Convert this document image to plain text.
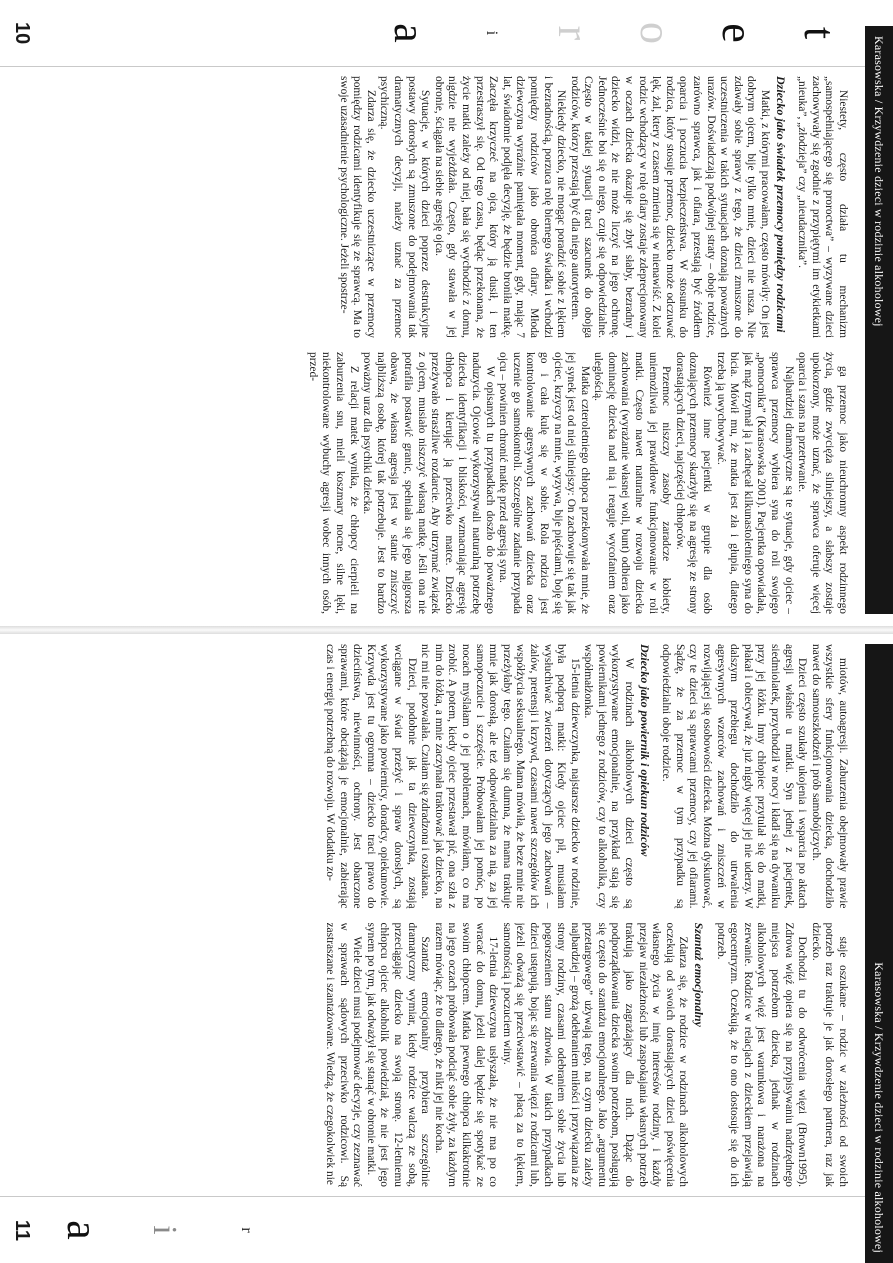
Karasowska / Krzywdzenie dzieci w rodzinie alkoholowej
t
e
o
r
i
a
10

Niestety, często działa tu mechanizm „samospełniającego się proroctwa” – wyzywane dzieci zachowywały się zgodnie z przypiętymi im etykietkami „nieuka”, „złodzieja” czy „nieudacznika”.

Dziecko jako świadek przemocy pomiędzy rodzicami

Matki, z którymi pracowałam, często mówiły: On jest dobrym ojcem, bije tylko mnie, dzieci nie rusza. Nie zdawały sobie sprawy z tego, że dzieci zmuszone do uczestniczenia w takich sytuacjach doznają poważnych urazów. Doświadczają podwójnej straty – oboje rodzice, zarówno sprawca, jak i ofiara, przestają być źródłem oparcia i poczucia bezpieczeństwa. W stosunku do rodzica, który stosuje przemoc, dziecko może odczuwać lęk, żal, ktery z czasem zmienia się w nienawiść. Z kolei rodzic wchodzący w rolę ofiary zostaje zdeprecjonowany w oczach dziecka okazuje się zbyt słaby, bezradny i dziecko widzi, że nie może liczyć na jego ochronę. Jednocześnie boi się o niego, czuje się odpowiedzialne. Często w takiej sytuacji traci szacunek do obojga rodziców, którzy przestają być dla niego autorytetem.

Niekiedy dziecko, nie mogąc poradzić sobie z lękiem i bezradnością, porzuca rolę biernego świadka i wchodzi pomiędzy rodziców jako obrońca ofiary. Młoda dziewczyna wyraźnie pamiętała moment, gdy, mając 7 lat, świadomie podjęła decyzję, że będzie broniła matkę. Zaczęła krzyczeć na ojca, który ją dusił, i ten przestraszył się. Od tego czasu, będąc przekonana, że życie matki zależy od niej, bała się wychodzić z domu, nigdzie nie wyjeżdżała. Często, gdy stawała w jej obronie, ściągała na siebie agresję ojca.

Sytuacje, w których dzieci poprzez destrukcyjne postawy dorosłych są zmuszone do podejmowania tak dramatycznych decyzji, należy uznać za przemoc psychiczną.

Zdarza się, że dziecko uczestniczące w przemocy pomiędzy rodzicami identyfikuje się ze sprawcą. Ma to swoje uzasadnienie psychologiczne. Jeżeli spostrze-

ga przemoc jako nieuchronny aspekt rodzinnego życia, gdzie zwycięża silniejszy, a słabszy zostaje upokorzony, może uznać, że sprawca oferuje więcej oparcia i szans na przetrwanie.

Najbardziej dramatyczne są te sytuacje, gdy ojciec – sprawca przemocy wybiera syna do roli swojego „pomocnika” (Karasowska 2001). Pacjentka opowiadała, jak mąż trzymał ją i zachęcał kilkunastoletniego syna do bicia. Mówił mu, że matka jest zła i głupia, dlatego trzeba ją uwychowywać.

Również inne pacjentki w grupie dla osób doznających przemocy skarżyły się na agresję ze strony dorastających dzieci, najczęściej chłopców.

Przemoc niszczy zasoby zaradcze kobiety, uniemożliwia jej prawidłowe funkcjonowanie w roli matki. Często nawet naturalne w rozwoju dziecka zachowania (wyrażanie własnej woli, bunt) odbiera jako dominację dziecka nad nią i reaguje wycofaniem oraz uległością.

Matka czteroletniego chłopca przekonywała mnie, że jej synek jest od niej silniejszy: On zachowuje się tak jak ojciec, krzyczy na mnie, wyzywa, bije pięściami, boję się go i cała kulę się w sobie. Rola rodzica jest kontrolowanie agresywnych zachowań dziecka oraz uczenie go samokontroli. Szczególne zadanie przypada ojcu – powinien chronić matkę przed agresją syna.

W opisanych tu przypadkach doszło do poważnego naduzycia. Ojcowie wykorzystywali naturalną potrzebę dziecka identyfikacji i bliskości, wzmacniając agresję chłopca i kierując ją przeciwko matce. Dziecko przeżywało strasżliwe rozdarcie. Aby utrzymać związek z ojcem, musiało niszczyć własną matkę. Jeśli ona nie potrafiła postawić granic, spełniała się jego najgorsza obawa, że własna agresja jest w stanie zniszczyć najbliższą osobę, której tak potrzebuje. Jest to bardzo poważny uraz dla psychiki dziecka.

Z relacji matek wynika, że chłopcy cierpieli na zaburzenia snu, mieli koszmary nocne, silne lęki, niekontrolowane wybuchy agresji wobec innych osób, przed-

Karasowska / Krzywdzenie dzieci w rodzinie alkoholowej

miotów, autoagresji. Zaburzenia obejmowały prawie wszystkie sfery funkcjonowania dziecka, dochodziło nawet do samouszkodzeń i prób samobójczych.

Dzieci często szukały ukojenia i wsparcia po aktach agresji właśnie u matki. Syn jednej z pacjentek, siedmiolatek, przychodził w nocy i kładł się na dywaniku przy jej łóżku. Inny chłopiec przytulał się do matki, płakał i obiecywał, że już nigdy więcej jej nie uderzy. W dalszym przebiegu dochodziło do utrwalenia agresywnych wzorców zachowań i zniszczeń w rozwijającej się osobowości dziecka. Można dyskutować, czy te dzieci są sprawcami przemocy, czy jej ofiarami. Sądzę, że za przemoc w tym przypadku są odpowiedzialni oboje rodzice.

Dziecko jako powiernik i opiekun rodziców

W rodzinach alkoholowych dzieci często są wykorzystywane emocjonalnie, na przykład stają się powiernikami jednego z rodziców, czy to alkoholika, czy współmałżonka.

15-letnia dziewczynka, najstarsze dziecko w rodzinie, była podporą matki: Kiedy ojciec pił, musiałam wysłuchiwać zwierzeń dotyczących jego zachowań – żalów, pretensji i krzywd, czasami nawet szczegółów ich współżycia seksualnego. Mama mówiła, że beze mnie nie przeżyłaby tego. Czułam się dumna, że mama traktuje mnie jak dorosłą, ale też odpowiedzialna za nią, za jej samopoczucie i szczęście. Próbowałam jej pomóc, po nocach myślałam o jej problemach, mówiłam, co ma zrobić. A potem, kiedy ojciec przestawał pić, ona szła z nim do łóżka, a mnie zaczynała traktować jak dziecko, na nic mi nie pozwalała. Czułam się zdradzona i oszukana.

Dzieci, podobnie jak ta dziewczynka, zostają wciągane w świat przeżyć i spraw dorosłych, są wykorzystywane jako powiernicy, doradcy, opiekunowie. Krzywda jest tu ogromna – dziecko traci prawo do dzieciństwa, niewinności, ochrony. Jest obarczone sprawami, które obciążają je emocjonalnie, zabierając czas i energię potrzebną do rozwoju. W dodatku zo-

staje oszukane – rodzic w zależności od swoich potrzeb raz traktuje je jak dorosłego partnera, raz jak dziecko.

Dochodzi tu do odwrócenia więzi (Brown1995). Zdrowa więź opiera się na przypisywaniu nadrzędnego miejsca potrzebom dziecka, jednak w rodzinach alkoholowych więź jest warunkowa i narażona na zerwanie. Rodzice w relacjach z dzieckiem przejawiają egocentryzm. Oczekują, że to ono dostosuje się do ich potrzeb.

Szantaż emocjonalny

Zdarza się, że rodzice w rodzinach alkoholowych oczekują od swoich dorastających dzieci poświęcenia własnego życia w imię interesów rodziny, i każdy przejaw niezależności lub zaspokajania własnych potrzeb traktują jako zagrażający dla nich. Dążąc do podporządkowania dziecka swoim potrzebom, posługują się często do szantażu emocjonalnego. Jako „argumentu przetargowego” używają tego, na czym dziecku zależy najbardziej – grożą odebraniem miłości i przywiązania ze strony rodziny, czasami odebraniem sobie życia lub pogorszeniem stanu zdrowia. W takich przypadkach dzieci ustępują, bojąc się zerwania więzi z rodzicami lub, jeżeli odważą się przeciwstawić – płacą za to lękiem, samotnością i poczuciem winy.

17-letnia dziewczyna usłyszała, że nie ma po co wracać do domu, jeżeli dalej będzie się spotykać ze swoim chłopcem. Matka pewnego chłopca kilkakrotnie na jego oczach próbowała podciąć sobie żyły, za każdym razem mówiąc, że to dlatego, że nikt jej nie kocha.

Szantaż emocjonalny przybiera szczególnie dramatyczny wymiar, kiedy rodzice walczą ze sobą, przeciągając dziecko na swoją stronę. 12-letniemu chłopcu ojciec alkoholik powiedział, że nie jest jego synem po tym, jak odważył się stanąć w obronie matki.

Wiele dzieci musi podejmować decyzje, czy zeznawać w sprawach sądowych przeciwko rodzicowi. Są zastraszane i szantażowane. Wiedzą, że czegokolwiek nie

r
i
a
11
